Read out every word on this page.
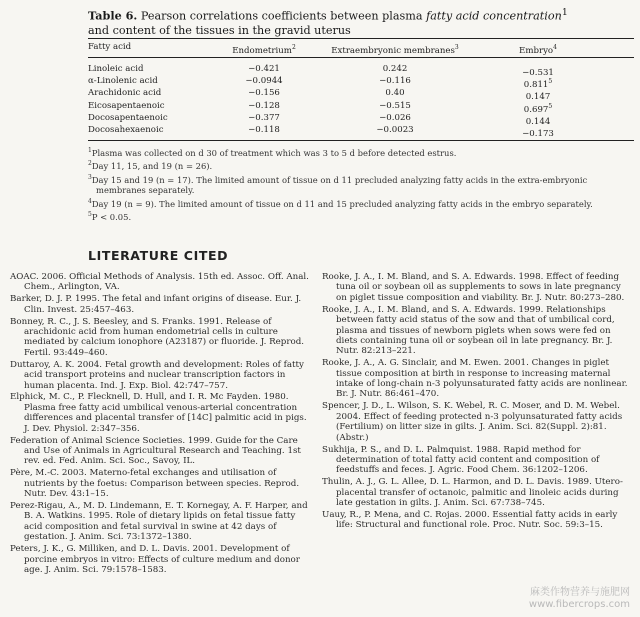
Table 6. Pearson correlations coefficients between plasma fatty acid concentration$^1$
and content of the tissues in the gravid uterus
Fatty acid	Endometrium$^2$	Extraembryonic membranes$^3$	Embryo$^4$
Linoleic acid	−0.421	0.242	−0.531
α-Linolenic acid	−0.0944	−0.116	0.811$^5$
Arachidonic acid	−0.156	0.40	0.147
Eicosapentaenoic	−0.128	−0.515	0.697$^5$
Docosapentaenoic	−0.377	−0.026	0.144
Docosahexaenoic	−0.118	−0.0023	−0.173
$^1$Plasma was collected on d 30 of treatment which was 3 to 5 d before detected estrus.
$^2$Day 11, 15, and 19 (n = 26).
$^3$Day 15 and 19 (n = 17). The limited amount of tissue on d 11 precluded analyzing fatty acids in the extra-embryonic membranes separately.
$^4$Day 19 (n = 9). The limited amount of tissue on d 11 and 15 precluded analyzing fatty acids in the embryo separately.
$^5$P < 0.05.
LITERATURE CITED
AOAC. 2006. Official Methods of Analysis. 15th ed. Assoc. Off. Anal. Chem., Arlington, VA.
Barker, D. J. P. 1995. The fetal and infant origins of disease. Eur. J. Clin. Invest. 25:457–463.
Bonney, R. C., J. S. Beesley, and S. Franks. 1991. Release of arachidonic acid from human endometrial cells in culture mediated by calcium ionophore (A23187) or fluoride. J. Reprod. Fertil. 93:449–460.
Duttaroy, A. K. 2004. Fetal growth and development: Roles of fatty acid transport proteins and nuclear transcription factors in human placenta. Ind. J. Exp. Biol. 42:747–757.
Elphick, M. C., P. Flecknell, D. Hull, and I. R. Mc Fayden. 1980. Plasma free fatty acid umbilical venous-arterial concentration differences and placental transfer of [14C] palmitic acid in pigs. J. Dev. Physiol. 2:347–356.
Federation of Animal Science Societies. 1999. Guide for the Care and Use of Animals in Agricultural Research and Teaching. 1st rev. ed. Fed. Anim. Sci. Soc., Savoy, IL.
Père, M.-C. 2003. Materno-fetal exchanges and utilisation of nutrients by the foetus: Comparison between species. Reprod. Nutr. Dev. 43:1–15.
Perez-Rigau, A., M. D. Lindemann, E. T. Kornegay, A. F. Harper, and B. A. Watkins. 1995. Role of dietary lipids on fetal tissue fatty acid composition and fetal survival in swine at 42 days of gestation. J. Anim. Sci. 73:1372–1380.
Peters, J. K., G. Milliken, and D. L. Davis. 2001. Development of porcine embryos in vitro: Effects of culture medium and donor age. J. Anim. Sci. 79:1578–1583.
Rooke, J. A., I. M. Bland, and S. A. Edwards. 1998. Effect of feeding tuna oil or soybean oil as supplements to sows in late pregnancy on piglet tissue composition and viability. Br. J. Nutr. 80:273–280.
Rooke, J. A., I. M. Bland, and S. A. Edwards. 1999. Relationships between fatty acid status of the sow and that of umbilical cord, plasma and tissues of newborn piglets when sows were fed on diets containing tuna oil or soybean oil in late pregnancy. Br. J. Nutr. 82:213–221.
Rooke, J. A., A. G. Sinclair, and M. Ewen. 2001. Changes in piglet tissue composition at birth in response to increasing maternal intake of long-chain n-3 polyunsaturated fatty acids are nonlinear. Br. J. Nutr. 86:461–470.
Spencer, J. D., L. Wilson, S. K. Webel, R. C. Moser, and D. M. Webel. 2004. Effect of feeding protected n-3 polyunsaturated fatty acids (Fertilium) on litter size in gilts. J. Anim. Sci. 82(Suppl. 2):81. (Abstr.)
Sukhija, P. S., and D. L. Palmquist. 1988. Rapid method for determination of total fatty acid content and composition of feedstuffs and feces. J. Agric. Food Chem. 36:1202–1206.
Thulin, A. J., G. L. Allee, D. L. Harmon, and D. L. Davis. 1989. Utero-placental transfer of octanoic, palmitic and linoleic acids during late gestation in gilts. J. Anim. Sci. 67:738–745.
Uauy, R., P. Mena, and C. Rojas. 2000. Essential fatty acids in early life: Structural and functional role. Proc. Nutr. Soc. 59:3–15.
麻类作物营养与施肥网
www.fibercrops.com
